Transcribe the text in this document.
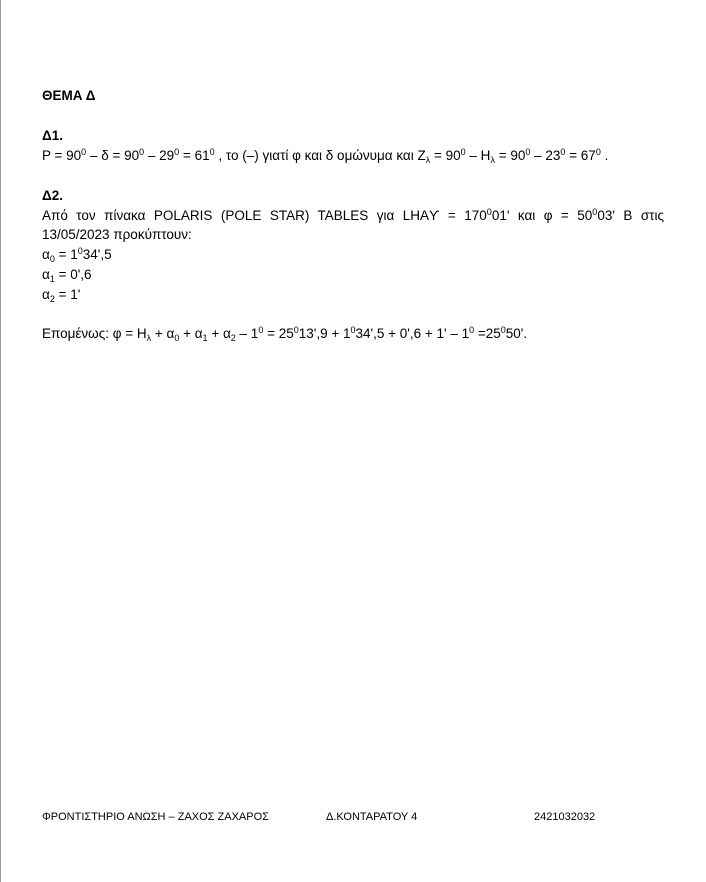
ΘΕΜΑ Δ
Δ1.
$P = 90^0 - \delta = 90^0 - 29^0 = 61^0$ , το (–) γιατί φ και δ ομώνυμα και $Z_\lambda = 90^0 - H_\lambda = 90^0 - 23^0 = 67^0$ .
Δ2.
Από τον πίνακα POLARIS (POLE STAR) TABLES για $LHAϒ = 170^001'$ και $\varphi = 50^003'$ Β στις
13/05/2023 προκύπτουν:
$\alpha_0 = 1^034',5$
$\alpha_1 = 0',6$
$\alpha_2 = 1'$
Επομένως: $\varphi = H_\lambda + \alpha_0 + \alpha_1 + \alpha_2 - 1^0 = 25^013',9 + 1^034',5 + 0',6 + 1' - 1^0 =25^050'$.
ΦΡΟΝΤΙΣΤΗΡΙΟ ΑΝΩΣΗ – ΖΑΧΟΣ ΖΑΧΑΡΟΣ	Δ.ΚΟΝΤΑΡΑΤΟΥ 4	2421032032
